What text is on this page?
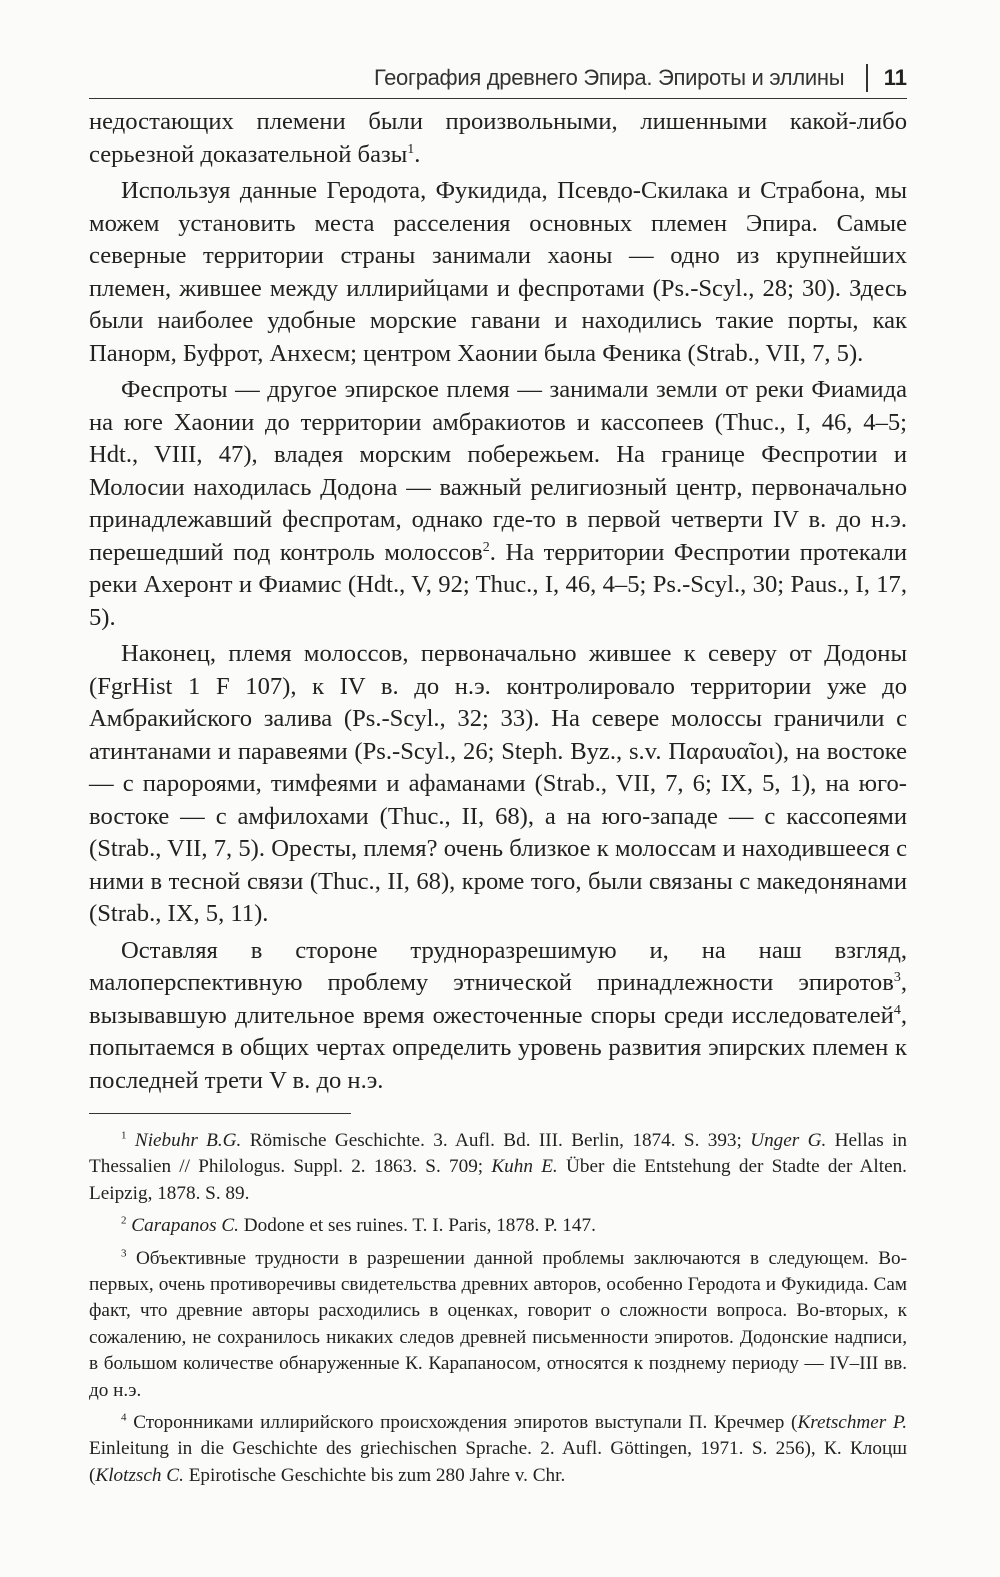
География древнего Эпира. Эпироты и эллины 11

недостающих племени были произвольными, лишенными какой-либо серьезной доказательной базы$^1$.

Используя данные Геродота, Фукидида, Псевдо-Скилака и Страбона, мы можем установить места расселения основных племен Эпира. Самые северные территории страны занимали хаоны — одно из крупнейших племен, жившее между иллирийцами и феспротами (Ps.-Scyl., 28; 30). Здесь были наиболее удобные морские гавани и находились такие порты, как Панорм, Буфрот, Анхесм; центром Хаонии была Феника (Strab., VII, 7, 5).

Феспроты — другое эпирское племя — занимали земли от реки Фиамида на юге Хаонии до территории амбракиотов и кассопеев (Thuc., I, 46, 4–5; Hdt., VIII, 47), владея морским побережьем. На границе Феспротии и Молосии находилась Додона — важный религиозный центр, первоначально принадлежавший феспротам, однако где-то в первой четверти IV в. до н.э. перешедший под контроль молоссов$^2$. На территории Феспротии протекали реки Ахеронт и Фиамис (Hdt., V, 92; Thuc., I, 46, 4–5; Ps.-Scyl., 30; Paus., I, 17, 5).

Наконец, племя молоссов, первоначально жившее к северу от Додоны (FgrHist 1 F 107), к IV в. до н.э. контролировало территории уже до Амбракийского залива (Ps.-Scyl., 32; 33). На севере молоссы граничили с атинтанами и паравеями (Ps.-Scyl., 26; Steph. Byz., s.v. Παραυαῖοι), на востоке — с паророями, тимфеями и афаманами (Strab., VII, 7, 6; IX, 5, 1), на юго-востоке — с амфилохами (Thuc., II, 68), а на юго-западе — с кассопеями (Strab., VII, 7, 5). Оресты, племя? очень близкое к молоссам и находившееся с ними в тесной связи (Thuc., II, 68), кроме того, были связаны с македонянами (Strab., IX, 5, 11).

Оставляя в стороне трудноразрешимую и, на наш взгляд, малоперспективную проблему этнической принадлежности эпиротов$^3$, вызывавшую длительное время ожесточенные споры среди исследователей$^4$, попытаемся в общих чертах определить уровень развития эпирских племен к последней трети V в. до н.э.

$^1$ Niebuhr B.G. Römische Geschichte. 3. Aufl. Bd. III. Berlin, 1874. S. 393; Unger G. Hellas in Thessalien // Philologus. Suppl. 2. 1863. S. 709; Kuhn E. Über die Entstehung der Stadte der Alten. Leipzig, 1878. S. 89.

$^2$ Carapanos C. Dodone et ses ruines. T. I. Paris, 1878. P. 147.

$^3$ Объективные трудности в разрешении данной проблемы заключаются в следующем. Во-первых, очень противоречивы свидетельства древних авторов, особенно Геродота и Фукидида. Сам факт, что древние авторы расходились в оценках, говорит о сложности вопроса. Во-вторых, к сожалению, не сохранилось никаких следов древней письменности эпиротов. Додонские надписи, в большом количестве обнаруженные К. Карапаносом, относятся к позднему периоду — IV–III вв. до н.э.

$^4$ Сторонниками иллирийского происхождения эпиротов выступали П. Кречмер (Kretschmer P. Einleitung in die Geschichte des griechischen Sprache. 2. Aufl. Göttingen, 1971. S. 256), К. Клоцш (Klotzsch C. Epirotische Geschichte bis zum 280 Jahre v. Chr.
